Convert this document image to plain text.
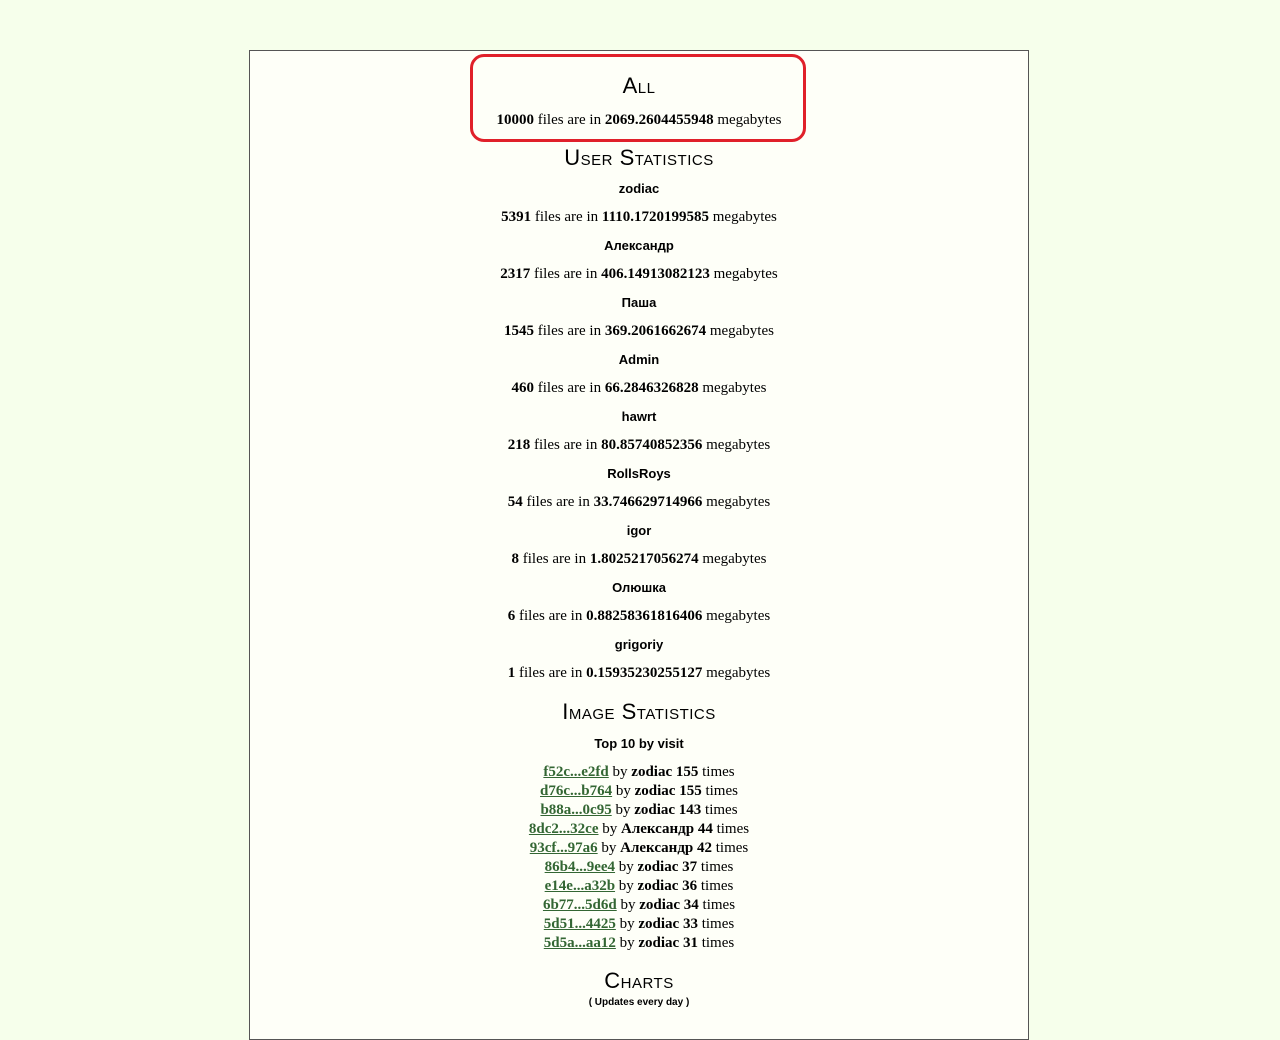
All
10000 files are in 2069.2604455948 megabytes
User Statistics
zodiac
5391 files are in 1110.1720199585 megabytes
Александр
2317 files are in 406.14913082123 megabytes
Паша
1545 files are in 369.2061662674 megabytes
Admin
460 files are in 66.2846326828 megabytes
hawrt
218 files are in 80.85740852356 megabytes
RollsRoys
54 files are in 33.746629714966 megabytes
igor
8 files are in 1.8025217056274 megabytes
Олюшка
6 files are in 0.88258361816406 megabytes
grigoriy
1 files are in 0.15935230255127 megabytes
Image Statistics
Top 10 by visit
f52c...e2fd by zodiac 155 times
d76c...b764 by zodiac 155 times
b88a...0c95 by zodiac 143 times
8dc2...32ce by Александр 44 times
93cf...97a6 by Александр 42 times
86b4...9ee4 by zodiac 37 times
e14e...a32b by zodiac 36 times
6b77...5d6d by zodiac 34 times
5d51...4425 by zodiac 33 times
5d5a...aa12 by zodiac 31 times
Charts
( Updates every day )
